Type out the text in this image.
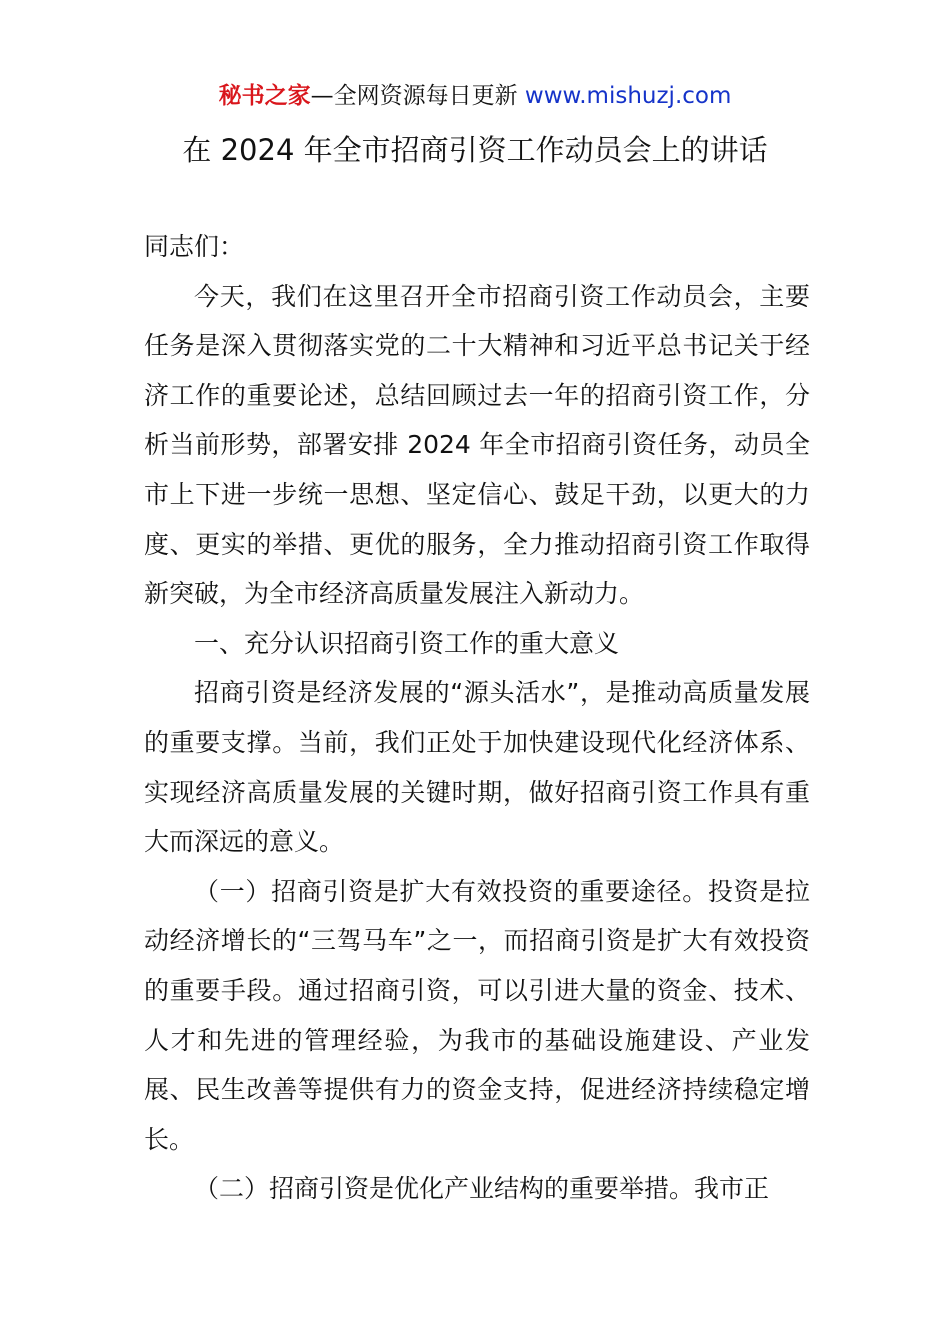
秘书之家—全网资源每日更新 www.mishuzj.com
在 2024 年全市招商引资工作动员会上的讲话

同志们：

今天，我们在这里召开全市招商引资工作动员会，主要任务是深入贯彻落实党的二十大精神和习近平总书记关于经济工作的重要论述，总结回顾过去一年的招商引资工作，分析当前形势，部署安排 2024 年全市招商引资任务，动员全市上下进一步统一思想、坚定信心、鼓足干劲，以更大的力度、更实的举措、更优的服务，全力推动招商引资工作取得新突破，为全市经济高质量发展注入新动力。

一、充分认识招商引资工作的重大意义

招商引资是经济发展的“源头活水”，是推动高质量发展的重要支撑。当前，我们正处于加快建设现代化经济体系、实现经济高质量发展的关键时期，做好招商引资工作具有重大而深远的意义。

（一）招商引资是扩大有效投资的重要途径。投资是拉动经济增长的“三驾马车”之一，而招商引资是扩大有效投资的重要手段。通过招商引资，可以引进大量的资金、技术、人才和先进的管理经验，为我市的基础设施建设、产业发展、民生改善等提供有力的资金支持，促进经济持续稳定增长。

（二）招商引资是优化产业结构的重要举措。我市正
